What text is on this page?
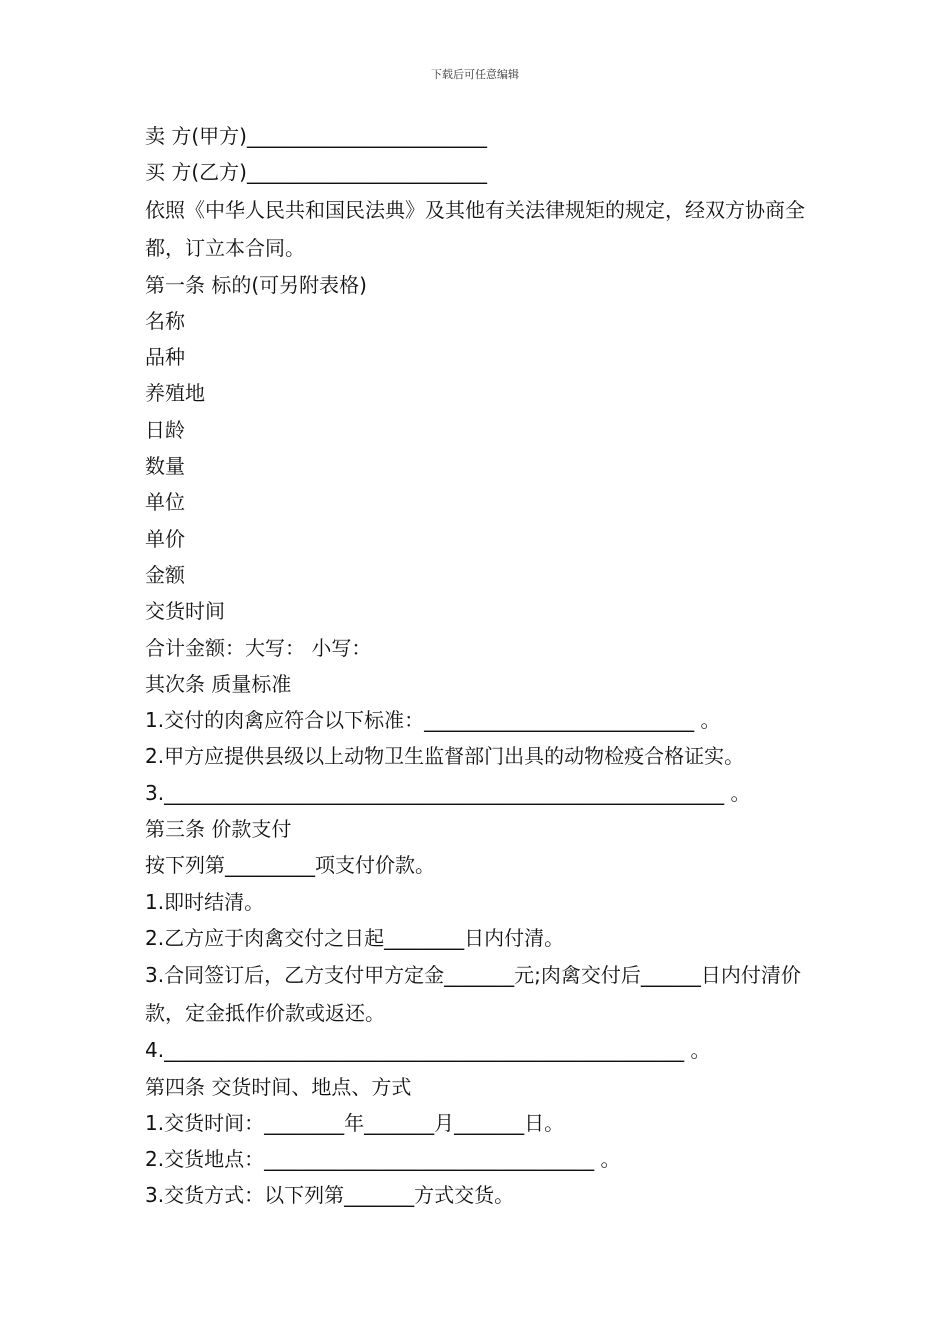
下载后可任意编辑
卖 方(甲方)________________________
买 方(乙方)________________________
依照《中华人民共和国民法典》及其他有关法律规矩的规定，经双方协商全都，订立本合同。
第一条 标的(可另附表格)
名称
品种
养殖地
日龄
数量
单位
单价
金额
交货时间
合计金额：大写： 小写：
其次条 质量标准
1.交付的肉禽应符合以下标准：___________________________ 。
2.甲方应提供县级以上动物卫生监督部门出具的动物检疫合格证实。
3.________________________________________________________ 。
第三条 价款支付
按下列第_________项支付价款。
1.即时结清。
2.乙方应于肉禽交付之日起________日内付清。
3.合同签订后，乙方支付甲方定金_______元;肉禽交付后______日内付清价款，定金抵作价款或返还。
4.____________________________________________________ 。
第四条 交货时间、地点、方式
1.交货时间：________年_______月_______日。
2.交货地点：_________________________________ 。
3.交货方式：以下列第_______方式交货。
